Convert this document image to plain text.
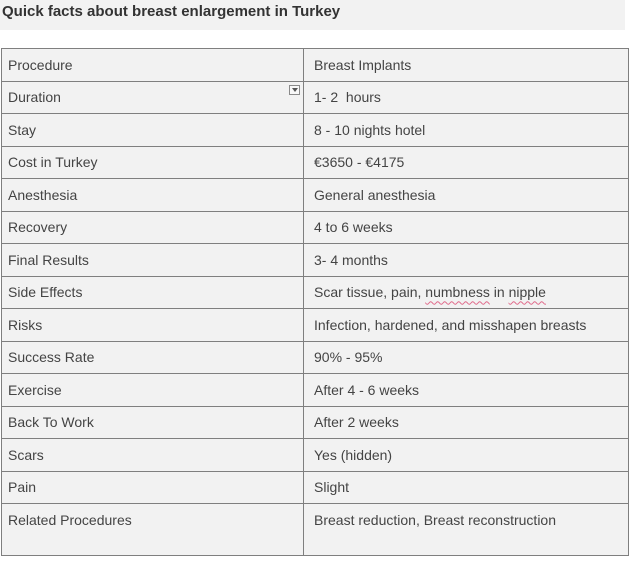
Quick facts about breast enlargement in Turkey
Procedure	Breast Implants
Duration	1- 2  hours
Stay	8 - 10 nights hotel
Cost in Turkey	€3650 - €4175
Anesthesia	General anesthesia
Recovery	4 to 6 weeks
Final Results	3- 4 months
Side Effects	Scar tissue, pain, numbness in nipple
Risks	Infection, hardened, and misshapen breasts
Success Rate	90% - 95%
Exercise	After 4 - 6 weeks
Back To Work	After 2 weeks
Scars	Yes (hidden)
Pain	Slight
Related Procedures	Breast reduction, Breast reconstruction
